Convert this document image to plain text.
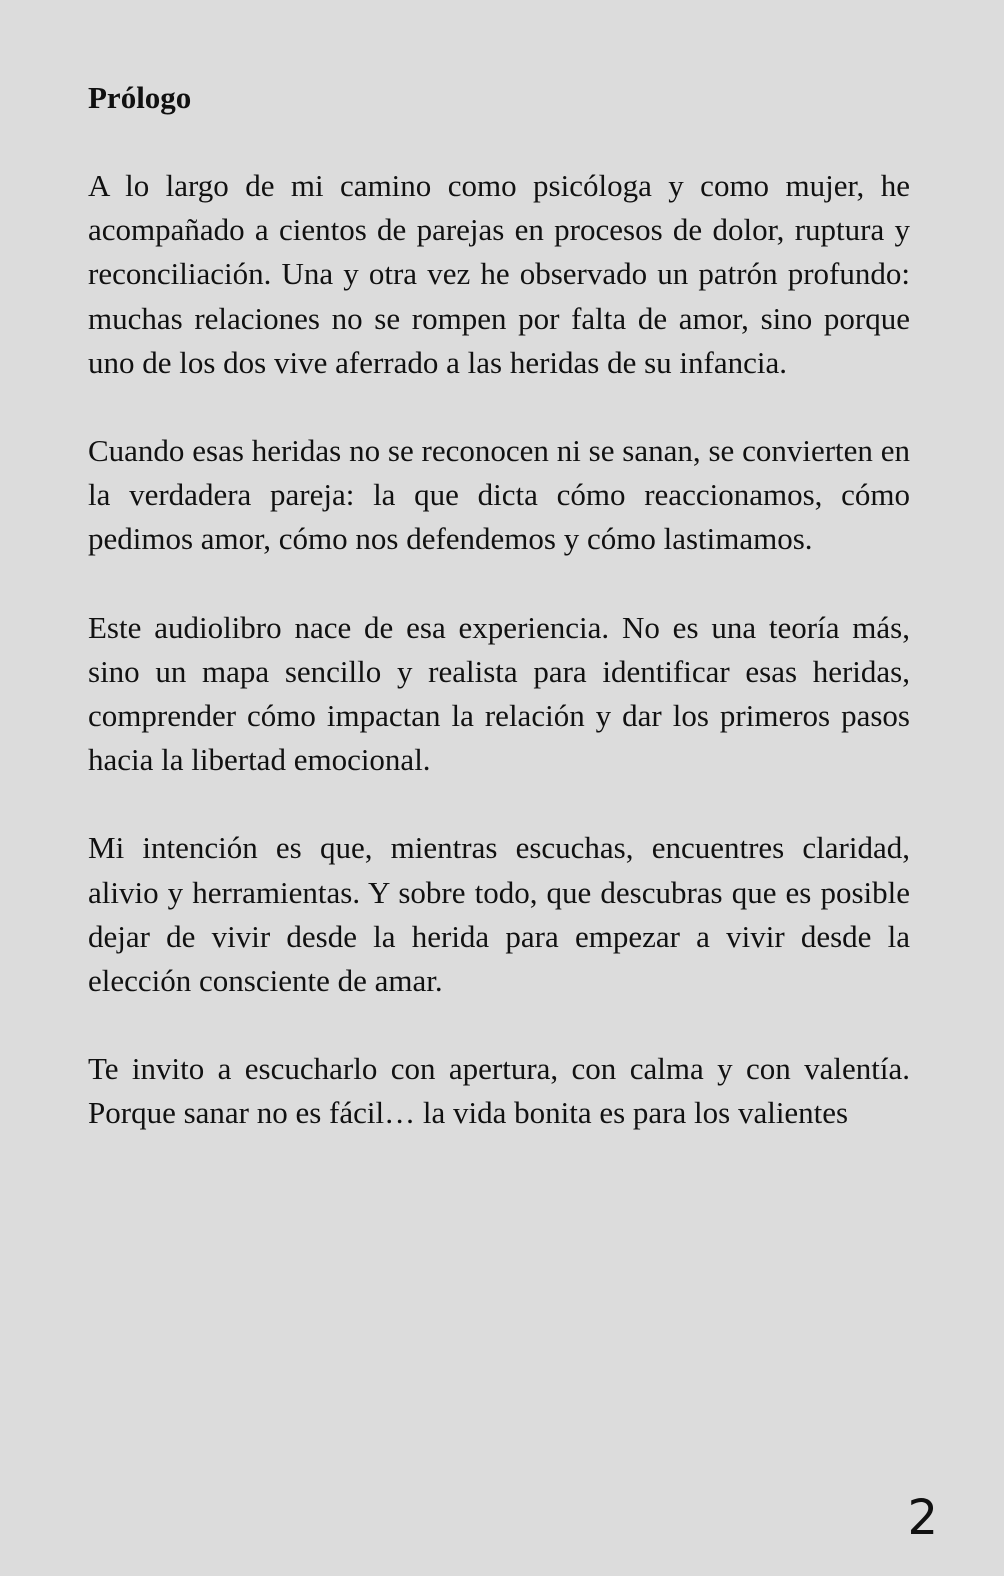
Prólogo

A lo largo de mi camino como psicóloga y como mujer, he acompañado a cientos de parejas en procesos de dolor, ruptura y reconciliación. Una y otra vez he observado un patrón profundo: muchas relaciones no se rompen por falta de amor, sino porque uno de los dos vive aferrado a las heridas de su infancia.

Cuando esas heridas no se reconocen ni se sanan, se convierten en la verdadera pareja: la que dicta cómo reaccionamos, cómo pedimos amor, cómo nos defendemos y cómo lastimamos.

Este audiolibro nace de esa experiencia. No es una teoría más, sino un mapa sencillo y realista para identificar esas heridas, comprender cómo impactan la relación y dar los primeros pasos hacia la libertad emocional.

Mi intención es que, mientras escuchas, encuentres claridad, alivio y herramientas. Y sobre todo, que descubras que es posible dejar de vivir desde la herida para empezar a vivir desde la elección consciente de amar.

Te invito a escucharlo con apertura, con calma y con valentía. Porque sanar no es fácil… la vida bonita es para los valientes

2
